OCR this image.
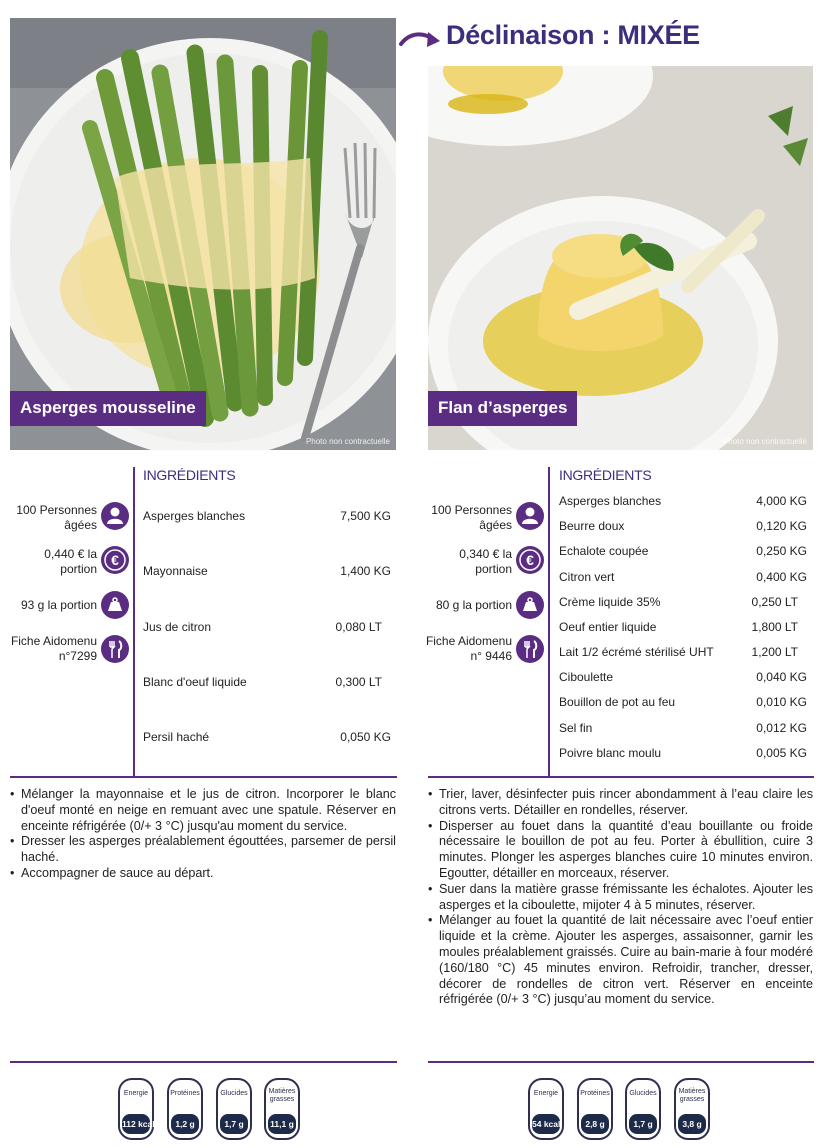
Déclinaison : MIXÉE
Asperges mousseline
Photo non contractuelle
Flan d’asperges
Photo non contractuelle
100 Personnes âgées
0,440 € la portion
€
93 g la portion
Fiche Aidomenu n°7299
INGRÉDIENTS
Asperges blanches	7,500 KG
Mayonnaise	1,400 KG
Jus de citron	0,080 LT
Blanc d'oeuf liquide	0,300 LT
Persil haché	0,050 KG
• Mélanger la mayonnaise et le jus de citron. Incorporer le blanc d'oeuf monté en neige en remuant avec une spatule. Réserver en enceinte réfrigérée (0/+ 3 °C) jusqu'au moment du service.
• Dresser les asperges préalablement égouttées, parsemer de persil haché.
• Accompagner de sauce au départ.
100 Personnes âgées
0,340 € la portion
€
80 g la portion
Fiche Aidomenu n° 9446
INGRÉDIENTS
Asperges blanches	4,000 KG
Beurre doux	0,120 KG
Echalote coupée	0,250 KG
Citron vert	0,400 KG
Crème liquide 35%	0,250 LT
Oeuf entier liquide	1,800 LT
Lait 1/2 écrémé stérilisé UHT	1,200 LT
Ciboulette	0,040 KG
Bouillon de pot au feu	0,010 KG
Sel fin	0,012 KG
Poivre blanc moulu	0,005 KG
• Trier, laver, désinfecter puis rincer abondamment à l’eau claire les citrons verts. Détailler en rondelles, réserver.
• Disperser au fouet dans la quantité d’eau bouillante ou froide nécessaire le bouillon de pot au feu. Porter à ébullition, cuire 3 minutes. Plonger les asperges blanches cuire 10 minutes environ. Egoutter, détailler en morceaux, réserver.
• Suer dans la matière grasse frémissante les échalotes. Ajouter les asperges et la ciboulette, mijoter 4 à 5 minutes, réserver.
• Mélanger au fouet la quantité de lait nécessaire avec l’oeuf entier liquide et la crème. Ajouter les asperges, assaisonner, garnir les moules préalablement graissés. Cuire au bain-marie à four modéré (160/180 °C) 45 minutes environ. Refroidir, trancher, dresser, décorer de rondelles de citron vert. Réserver en enceinte réfrigérée (0/+ 3 °C) jusqu’au moment du service.
Energie
112 kcal
Protéines
1,2 g
Glucides
1,7 g
Matières grasses
11,1 g
Energie
54 kcal
Protéines
2,8 g
Glucides
1,7 g
Matières grasses
3,8 g
